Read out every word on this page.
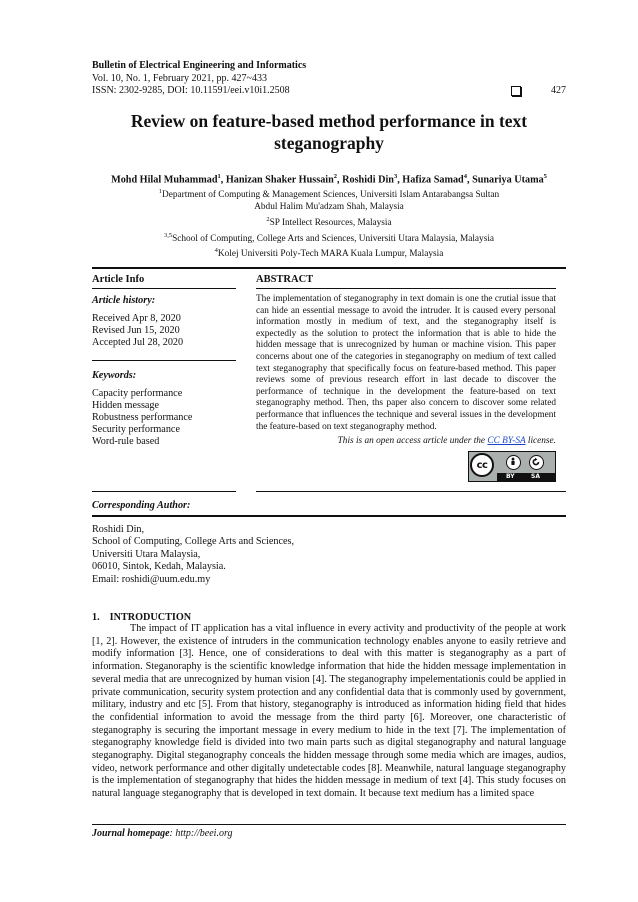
Bulletin of Electrical Engineering and Informatics
Vol. 10, No. 1, February 2021, pp. 427~433
ISSN: 2302-9285, DOI: 10.11591/eei.v10i1.2508	427
Review on feature-based method performance in text
steganography
Mohd Hilal Muhammad$^1$, Hanizan Shaker Hussain$^2$, Roshidi Din$^3$, Hafiza Samad$^4$, Sunariya Utama$^5$
$^1$Department of Computing & Management Sciences, Universiti Islam Antarabangsa Sultan
Abdul Halim Mu'adzam Shah, Malaysia
$^2$SP Intellect Resources, Malaysia
$^{3,5}$School of Computing, College Arts and Sciences, Universiti Utara Malaysia, Malaysia
$^4$Kolej Universiti Poly-Tech MARA Kuala Lumpur, Malaysia
Article Info
Article history:
Received Apr 8, 2020
Revised Jun 15, 2020
Accepted Jul 28, 2020
Keywords:
Capacity performance
Hidden message
Robustness performance
Security performance
Word-rule based
ABSTRACT
The implementation of steganography in text domain is one the crutial issue that can hide an essential message to avoid the intruder. It is caused every personal information mostly in medium of text, and the steganography itself is expectedly as the solution to protect the information that is able to hide the hidden message that is unrecognized by human or machine vision. This paper concerns about one of the categories in steganography on medium of text called text steganography that specifically focus on feature-based method. This paper reviews some of previous research effort in last decade to discover the performance of technique in the development the feature-based on text steganography method. Then, ths paper also concern to discover some related performance that influences the technique and several issues in the development the feature-based on text steganography method.
This is an open access article under the CC BY-SA license.
cc
BY	SA
Corresponding Author:
Roshidi Din,
School of Computing, College Arts and Sciences,
Universiti Utara Malaysia,
06010, Sintok, Kedah, Malaysia.
Email: roshidi@uum.edu.my
1. INTRODUCTION

The impact of IT application has a vital influence in every activity and productivity of the people at work [1, 2]. However, the existence of intruders in the communication technology enables anyone to easily retrieve and modify information [3]. Hence, one of considerations to deal with this matter is steganography as a part of information. Steganoraphy is the scientific knowledge information that hide the hidden message implementation in several media that are unrecognized by human vision [4]. The steganography impelementationis could be applied in private communication, security system protection and any confidential data that is commonly used by government, military, industry and etc [5]. From that history, steganography is introduced as information hiding field that hides the confidential information to avoid the message from the third party [6]. Moreover, one characteristic of steganography is securing the important message in every medium to hide in the text [7]. The implementation of steganography knowledge field is divided into two main parts such as digital steganography and natural language steganography. Digital steganography conceals the hidden message through some media which are images, audios, video, network performance and other digitally undetectable codes [8]. Meanwhile, natural language steganography is the implementation of steganography that hides the hidden message in medium of text [4]. This study focuses on natural language steganography that is developed in text domain. It because text medium has a limited space

Journal homepage: http://beei.org
